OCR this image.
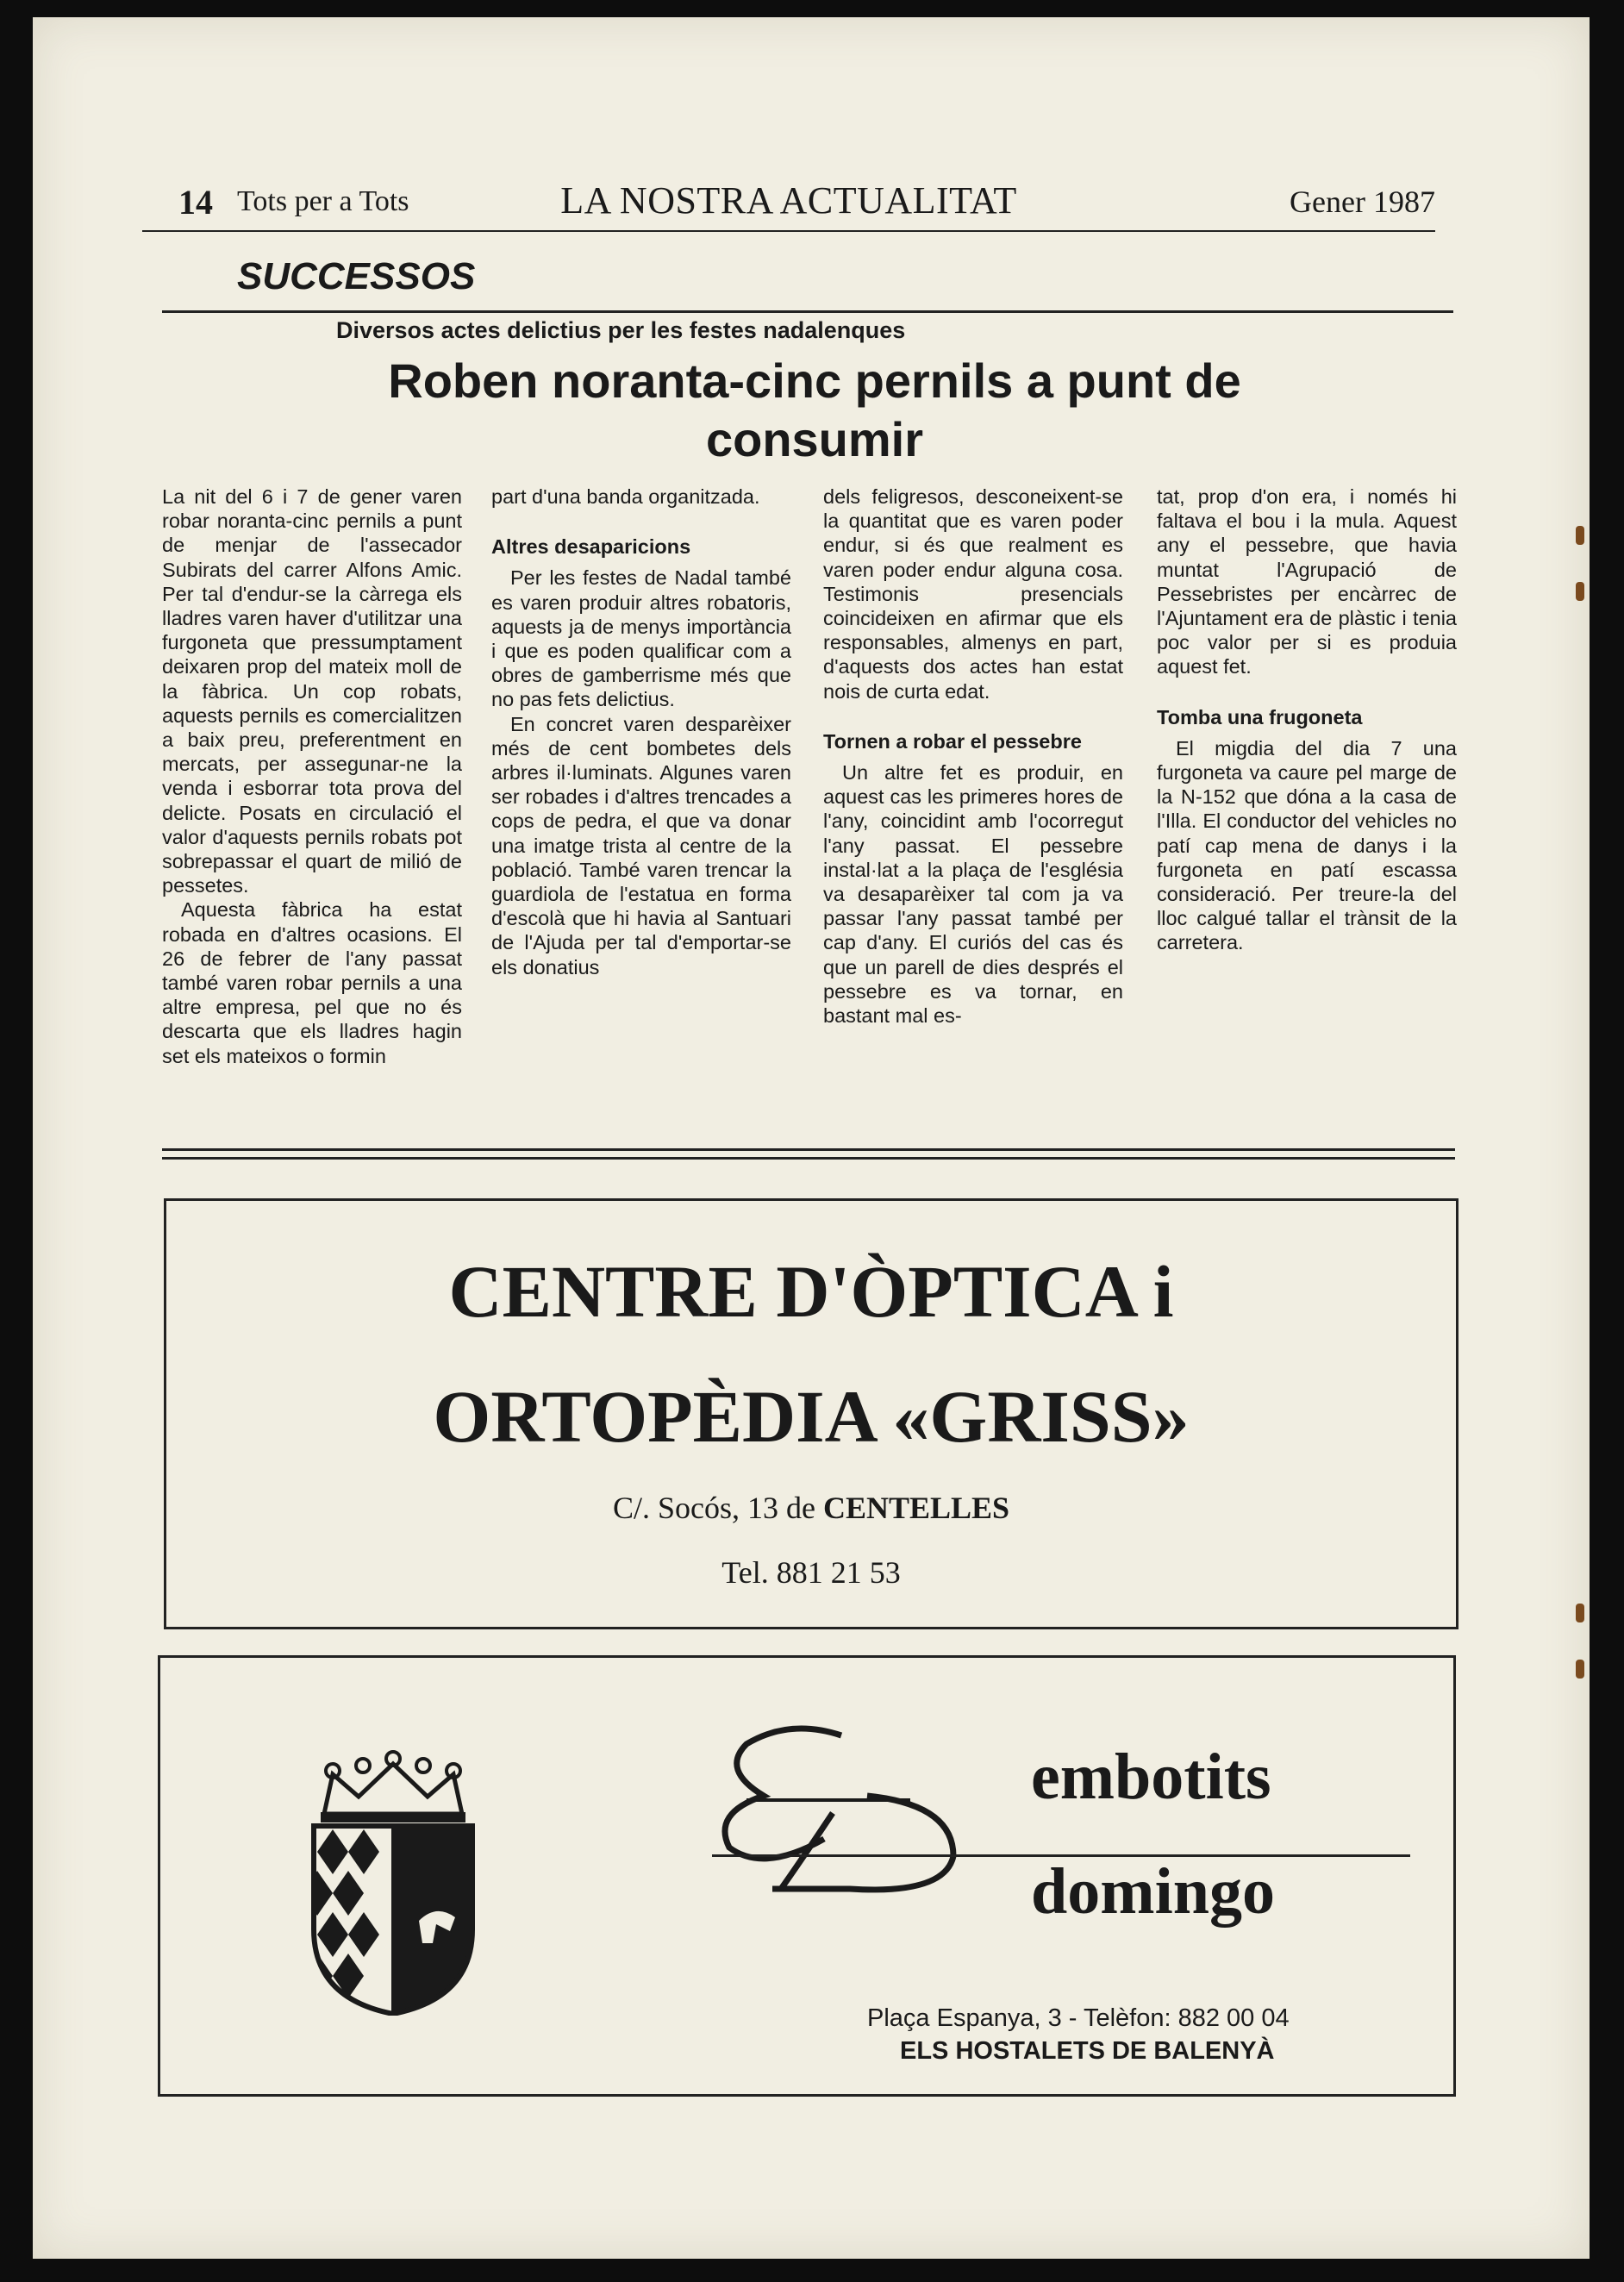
14 Tots per a Tots	LA NOSTRA ACTUALITAT	Gener 1987
SUCCESSOS
Diversos actes delictius per les festes nadalenques
Roben noranta-cinc pernils a punt de consumir

La nit del 6 i 7 de gener varen robar noranta-cinc pernils a punt de menjar de l'assecador Subirats del carrer Alfons Amic. Per tal d'endur-se la càrrega els lladres varen haver d'utilitzar una furgoneta que pressumptament deixaren prop del mateix moll de la fàbrica. Un cop robats, aquests pernils es comercialitzen a baix preu, preferentment en mercats, per assegunar-ne la venda i esborrar tota prova del delicte. Posats en circulació el valor d'aquests pernils robats pot sobrepassar el quart de milió de pessetes.

Aquesta fàbrica ha estat robada en d'altres ocasions. El 26 de febrer de l'any passat també varen robar pernils a una altre empresa, pel que no és descarta que els lladres hagin set els mateixos o formin

part d'una banda organitzada.

Altres desaparicions

Per les festes de Nadal també es varen produir altres robatoris, aquests ja de menys importància i que es poden qualificar com a obres de gamberrisme més que no pas fets delictius.

En concret varen desparèixer més de cent bombetes dels arbres il·luminats. Algunes varen ser robades i d'altres trencades a cops de pedra, el que va donar una imatge trista al centre de la població. També varen trencar la guardiola de l'estatua en forma d'escolà que hi havia al Santuari de l'Ajuda per tal d'emportar-se els donatius

dels feligresos, desconeixent-se la quantitat que es varen poder endur, si és que realment es varen poder endur alguna cosa. Testimonis presencials coincideixen en afirmar que els responsables, almenys en part, d'aquests dos actes han estat nois de curta edat.

Tornen a robar el pessebre

Un altre fet es produir, en aquest cas les primeres hores de l'any, coincidint amb l'ocorregut l'any passat. El pessebre instal·lat a la plaça de l'església va desaparèixer tal com ja va passar l'any passat també per cap d'any. El curiós del cas és que un parell de dies després el pessebre es va tornar, en bastant mal es-

tat, prop d'on era, i només hi faltava el bou i la mula. Aquest any el pessebre, que havia muntat l'Agrupació de Pessebristes per encàrrec de l'Ajuntament era de plàstic i tenia poc valor per si es produia aquest fet.

Tomba una frugoneta

El migdia del dia 7 una furgoneta va caure pel marge de la N-152 que dóna a la casa de l'Illa. El conductor del vehicles no patí cap mena de danys i la furgoneta en patí escassa consideració. Per treure-la del lloc calgué tallar el trànsit de la carretera.

CENTRE D'ÒPTICA i
ORTOPÈDIA «GRISS»
C/. Socós, 13 de CENTELLES
Tel. 881 21 53
embotits
domingo
Plaça Espanya, 3 - Telèfon: 882 00 04
ELS HOSTALETS DE BALENYÀ
